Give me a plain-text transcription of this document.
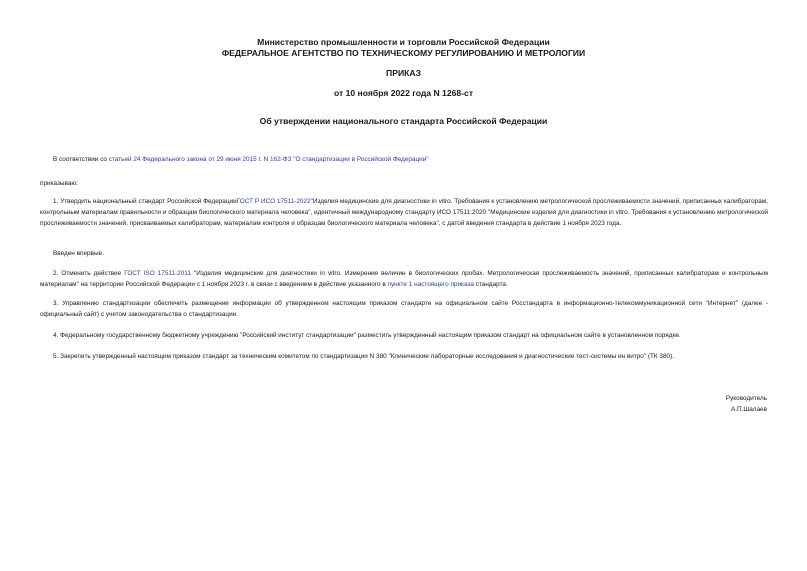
Министерство промышленности и торговли Российской Федерации
ФЕДЕРАЛЬНОЕ АГЕНТСТВО ПО ТЕХНИЧЕСКОМУ РЕГУЛИРОВАНИЮ И МЕТРОЛОГИИ
ПРИКАЗ
от 10 ноября 2022 года N 1268-ст
Об утверждении национального стандарта Российской Федерации
В соответствии со статьей 24 Федерального закона от 29 июня 2015 г. N 162-ФЗ "О стандартизации в Российской Федерации"
приказываю:
1. Утвердить национальный стандарт Российской ФедерацииГОСТ Р ИСО 17511-2022"Изделия медицинские для диагностики in vitro. Требования к установлению метрологической прослеживаемости значений, приписанных калибраторам, контрольным материалам правильности и образцам биологического материала человека", идентичный международному стандарту ИСО 17511:2020 "Медицинские изделия для диагностики in vitro. Требования к установлению метрологической прослеживаемости значений, присваиваемых калибраторам, материалам контроля и образцам биологического материала человека", с датой введения стандарта в действие 1 ноября 2023 года.
Введен впервые.
2. Отменить действие ГОСТ ISO 17511-2011 "Изделия медицинские для диагностики in vitro. Измерение величин в биологических пробах. Метрологическая прослеживаемость значений, приписанных калибраторам и контрольным материалам" на территории Российской Федерации с 1 ноября 2023 г. в связи с введением в действие указанного в пункте 1 настоящего приказа стандарта.
3. Управлению стандартизации обеспечить размещение информации об утвержденном настоящим приказом стандарте на официальном сайте Росстандарта в информационно-телекоммуникационной сети "Интернет" (далее - официальный сайт) с учетом законодательства о стандартизации.
4. Федеральному государственному бюджетному учреждению "Российский институт стандартизации" разместить утвержденный настоящим приказом стандарт на официальном сайте в установленном порядке.
5. Закрепить утвержденный настоящим приказом стандарт за техническим комитетом по стандартизации N 380 "Клинические лабораторные исследования и диагностические тест-системы ин витро" (ТК 380).
Руководитель
А.П.Шалаев
